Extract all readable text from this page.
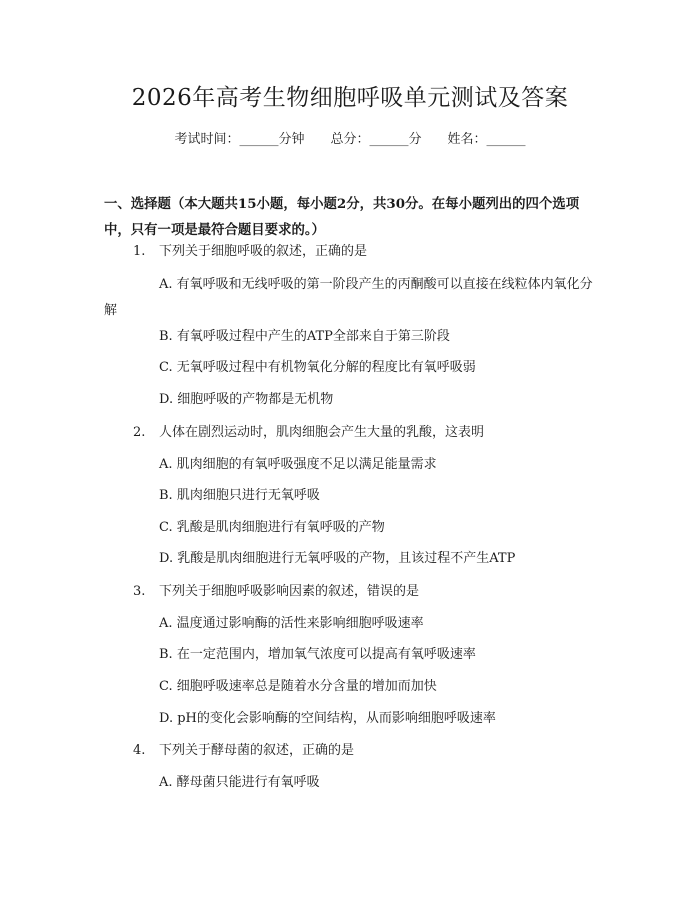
2026年高考生物细胞呼吸单元测试及答案
考试时间：______分钟 总分：______分 姓名：______
一、选择题（本大题共15小题，每小题2分，共30分。在每小题列出的四个选项中，只有一项是最符合题目要求的。）
1. 下列关于细胞呼吸的叙述，正确的是
A. 有氧呼吸和无线呼吸的第一阶段产生的丙酮酸可以直接在线粒体内氧化分解
B. 有氧呼吸过程中产生的ATP全部来自于第三阶段
C. 无氧呼吸过程中有机物氧化分解的程度比有氧呼吸弱
D. 细胞呼吸的产物都是无机物
2. 人体在剧烈运动时，肌肉细胞会产生大量的乳酸，这表明
A. 肌肉细胞的有氧呼吸强度不足以满足能量需求
B. 肌肉细胞只进行无氧呼吸
C. 乳酸是肌肉细胞进行有氧呼吸的产物
D. 乳酸是肌肉细胞进行无氧呼吸的产物，且该过程不产生ATP
3. 下列关于细胞呼吸影响因素的叙述，错误的是
A. 温度通过影响酶的活性来影响细胞呼吸速率
B. 在一定范围内，增加氧气浓度可以提高有氧呼吸速率
C. 细胞呼吸速率总是随着水分含量的增加而加快
D. pH的变化会影响酶的空间结构，从而影响细胞呼吸速率
4. 下列关于酵母菌的叙述，正确的是
A. 酵母菌只能进行有氧呼吸
